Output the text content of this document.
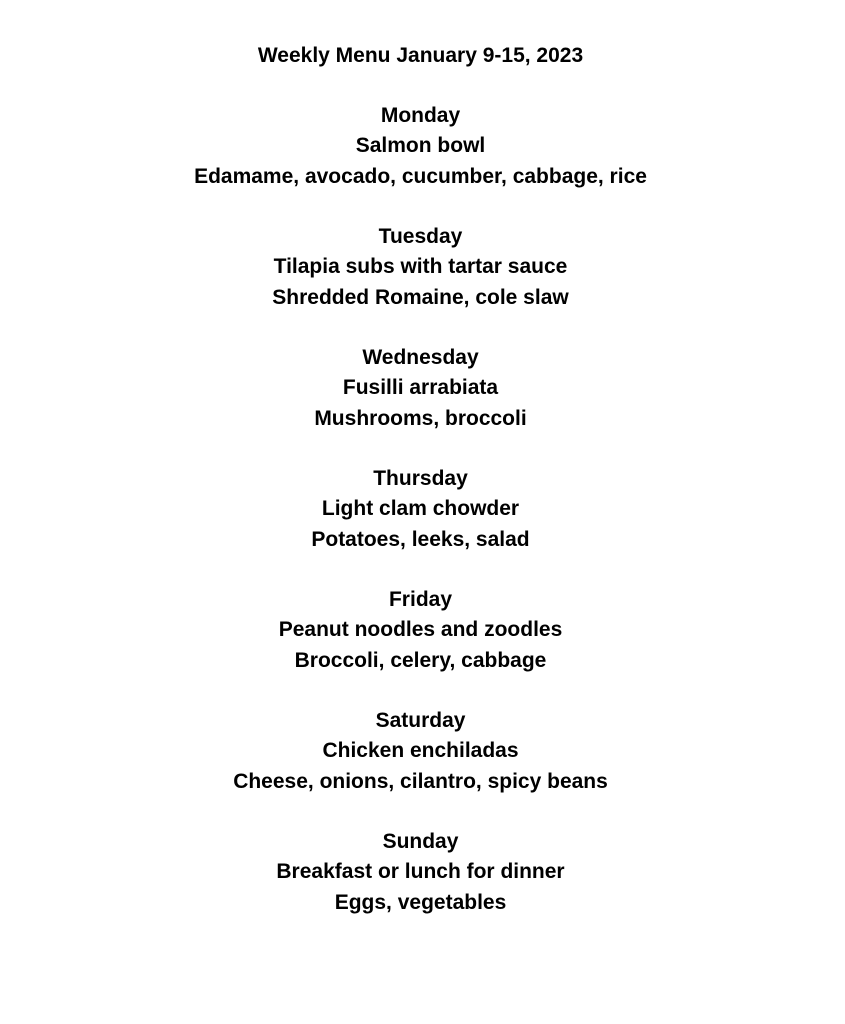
Weekly Menu January 9-15, 2023
Monday
Salmon bowl
Edamame, avocado, cucumber, cabbage, rice
Tuesday
Tilapia subs with tartar sauce
Shredded Romaine, cole slaw
Wednesday
Fusilli arrabiata
Mushrooms, broccoli
Thursday
Light clam chowder
Potatoes, leeks, salad
Friday
Peanut noodles and zoodles
Broccoli, celery, cabbage
Saturday
Chicken enchiladas
Cheese, onions, cilantro, spicy beans
Sunday
Breakfast or lunch for dinner
Eggs, vegetables
